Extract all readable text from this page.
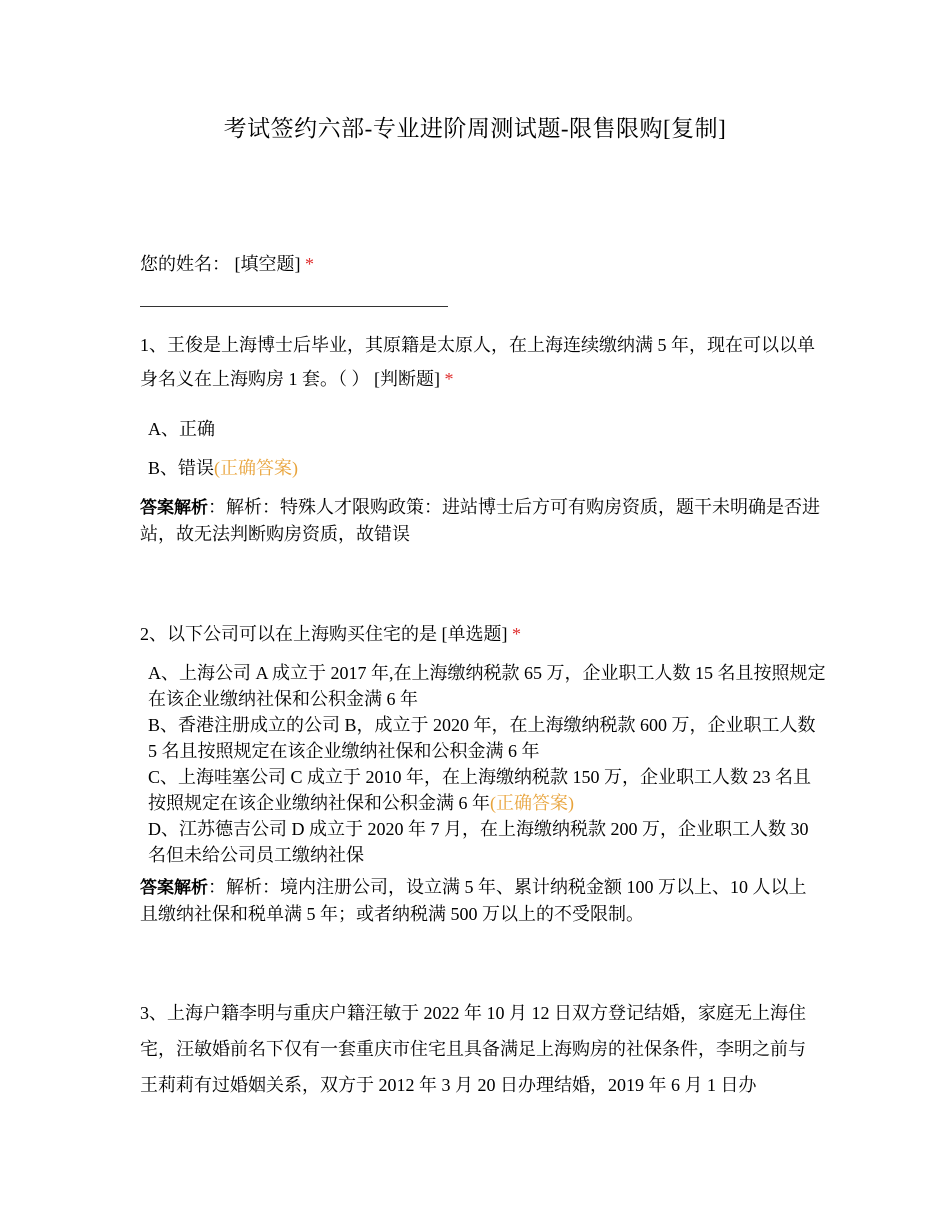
考试签约六部-专业进阶周测试题-限售限购[复制]
您的姓名： [填空题] *
1、王俊是上海博士后毕业，其原籍是太原人，在上海连续缴纳满 5 年，现在可以以单身名义在上海购房 1 套。（ ） [判断题] *
A、正确
B、错误(正确答案)
答案解析：解析：特殊人才限购政策：进站博士后方可有购房资质，题干未明确是否进站，故无法判断购房资质，故错误
2、以下公司可以在上海购买住宅的是 [单选题] *
A、上海公司 A 成立于 2017 年,在上海缴纳税款 65 万，企业职工人数 15 名且按照规定在该企业缴纳社保和公积金满 6 年
B、香港注册成立的公司 B，成立于 2020 年，在上海缴纳税款 600 万，企业职工人数 5 名且按照规定在该企业缴纳社保和公积金满 6 年
C、上海哇塞公司 C 成立于 2010 年，在上海缴纳税款 150 万，企业职工人数 23 名且按照规定在该企业缴纳社保和公积金满 6 年(正确答案)
D、江苏德吉公司 D 成立于 2020 年 7 月，在上海缴纳税款 200 万，企业职工人数 30 名但未给公司员工缴纳社保
答案解析：解析：境内注册公司，设立满 5 年、累计纳税金额 100 万以上、10 人以上且缴纳社保和税单满 5 年；或者纳税满 500 万以上的不受限制。
3、上海户籍李明与重庆户籍汪敏于 2022 年 10 月 12 日双方登记结婚，家庭无上海住宅，汪敏婚前名下仅有一套重庆市住宅且具备满足上海购房的社保条件，李明之前与王莉莉有过婚姻关系，双方于 2012 年 3 月 20 日办理结婚，2019 年 6 月 1 日办
